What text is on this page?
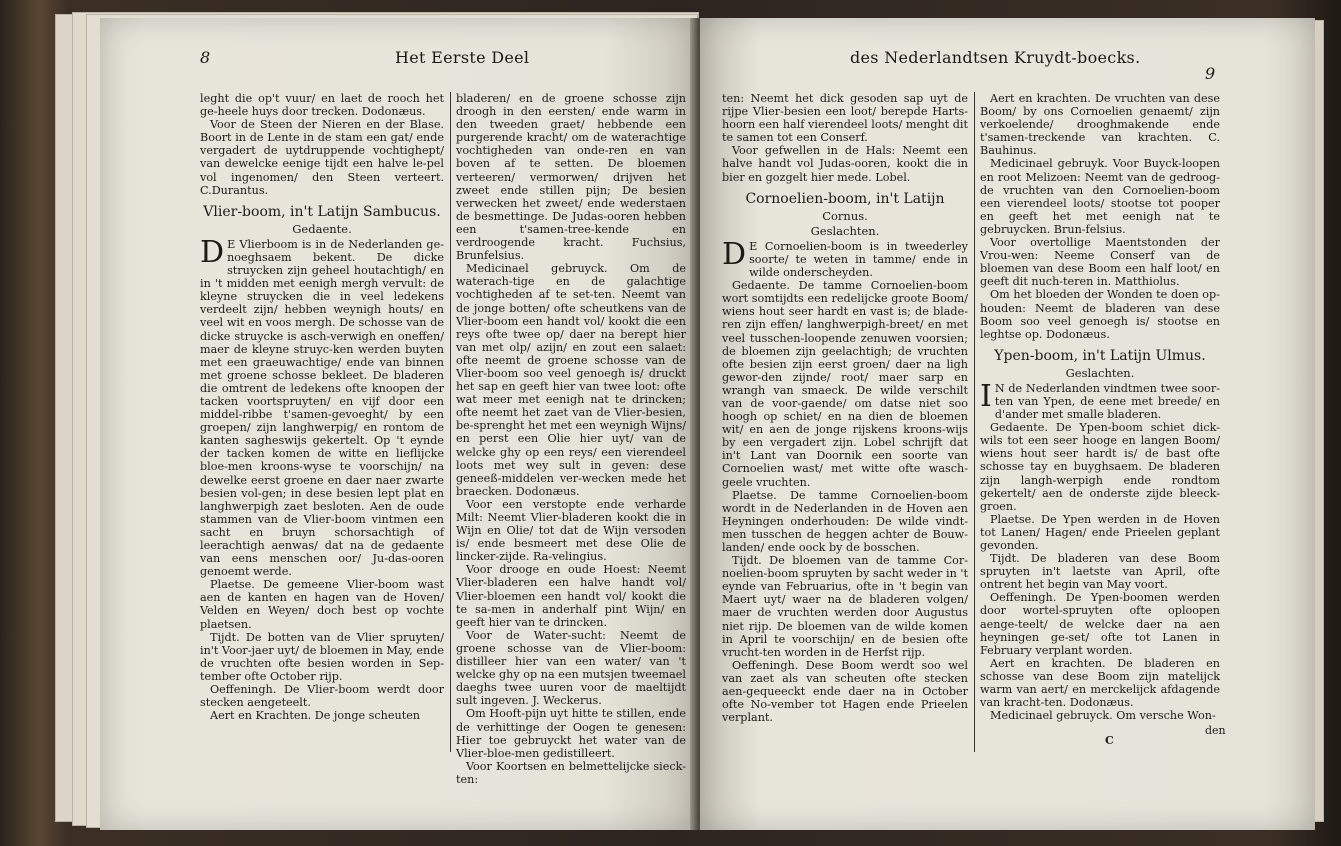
8	Het Eerste Deel

leght die op't vuur/ en laet de rooch het ge-heele huys door trecken. Dodonæus.

Voor de Steen der Nieren en der Blase. Boort in de Lente in de stam een gat/ ende vergadert de uytdruppende vochtighept/ van dewelcke eenige tijdt een halve le-pel vol ingenomen/ den Steen verteert. C.Durantus.

Vlier-boom, in't Latijn Sambucus.

Gedaente.

D E Vlierboom is in de Nederlanden ge-noeghsaem bekent. De dicke struycken zijn geheel houtachtigh/ en in 't midden met eenigh mergh vervult: de kleyne struycken die in veel ledekens verdeelt zijn/ hebben weynigh houts/ en veel wit en voos mergh. De schosse van de dicke struycke is asch-verwigh en oneffen/ maer de kleyne struyc-ken werden buyten met een graeuwachtige/ ende van binnen met groene schosse bekleet. De bladeren die omtrent de ledekens ofte knoopen der tacken voortspruyten/ en vijf door een middel-ribbe t'samen-gevoeght/ by een groepen/ zijn langhwerpig/ en rontom de kanten sagheswijs gekertelt. Op 't eynde der tacken komen de witte en lieflijcke bloe-men kroons-wyse te voorschijn/ na dewelke eerst groene en daer naer zwarte besien vol-gen; in dese besien lept plat en langhwerpigh zaet besloten. Aen de oude stammen van de Vlier-boom vintmen een sacht en bruyn schorsachtigh of leerachtigh aenwas/ dat na de gedaente van eens menschen oor/ Ju-das-ooren genoemt werde.

Plaetse. De gemeene Vlier-boom wast aen de kanten en hagen van de Hoven/ Velden en Weyen/ doch best op vochte plaetsen.

Tijdt. De botten van de Vlier spruyten/ in't Voor-jaer uyt/ de bloemen in May, ende de vruchten ofte besien worden in Sep-tember ofte October rijp.

Oeffeningh. De Vlier-boom werdt door stecken aengeteelt.

Aert en Krachten. De jonge scheuten

bladeren/ en de groene schosse zijn droogh in den eersten/ ende warm in den tweeden graet/ hebbende een purgerende kracht/ om de waterachtige vochtigheden van onde-ren en van boven af te setten. De bloemen verteeren/ vermorwen/ drijven het zweet ende stillen pijn; De besien verwecken het zweet/ ende wederstaen de besmettinge. De Judas-ooren hebben een t'samen-tree-kende en verdroogende kracht. Fuchsius, Brunfelsius.

Medicinael gebruyck. Om de waterach-tige en de galachtige vochtigheden af te set-ten. Neemt van de jonge botten/ ofte scheutkens van de Vlier-boom een handt vol/ kookt die een reys ofte twee op/ daer na berept hier van met olp/ azijn/ en zout een salaet: ofte neemt de groene schosse van de Vlier-boom soo veel genoegh is/ druckt het sap en geeft hier van twee loot: ofte wat meer met eenigh nat te drincken; ofte neemt het zaet van de Vlier-besien, be-sprenght het met een weynigh Wijns/ en perst een Olie hier uyt/ van de welcke ghy op een reys/ een vierendeel loots met wey sult in geven: dese geneeß-middelen ver-wecken mede het braecken. Dodonæus.

Voor een verstopte ende verharde Milt: Neemt Vlier-bladeren kookt die in Wijn en Olie/ tot dat de Wijn versoden is/ ende besmeert met dese Olie de lincker-zijde. Ra-velingius.

Voor drooge en oude Hoest: Neemt Vlier-bladeren een halve handt vol/ Vlier-bloemen een handt vol/ kookt die te sa-men in anderhalf pint Wijn/ en geeft hier van te drincken.

Voor de Water-sucht: Neemt de groene schosse van de Vlier-boom: distilleer hier van een water/ van 't welcke ghy op na een mutsjen tweemael daeghs twee uuren voor de maeltijdt sult ingeven. J. Weckerus.

Om Hooft-pijn uyt hitte te stillen, ende de verhittinge der Oogen te genesen: Hier toe gebruyckt het water van de Vlier-bloe-men gedistilleert.

Voor Koortsen en belmettelijcke sieck-ten:

des Nederlandtsen Kruydt-boecks.
9

ten: Neemt het dick gesoden sap uyt de rijpe Vlier-besien een loot/ berepde Harts-hoorn een half vierendeel loots/ menght dit te samen tot een Conserf.

Voor gefwellen in de Hals: Neemt een halve handt vol Judas-ooren, kookt die in bier en gozgelt hier mede. Lobel.

Cornoelien-boom, in't Latijn

Cornus.

Geslachten.

D E Cornoelien-boom is in tweederley soorte/ te weten in tamme/ ende in wilde onderscheyden.

Gedaente. De tamme Cornoelien-boom wort somtijdts een redelijcke groote Boom/ wiens hout seer hardt en vast is; de blade-ren zijn effen/ langhwerpigh-breet/ en met veel tusschen-loopende zenuwen voorsien; de bloemen zijn geelachtigh; de vruchten ofte besien zijn eerst groen/ daer na ligh gewor-den zijnde/ root/ maer sarp en wrangh van smaeck. De wilde verschilt van de voor-gaende/ om datse niet soo hoogh op schiet/ en na dien de bloemen wit/ en aen de jonge rijskens kroons-wijs by een vergadert zijn. Lobel schrijft dat in't Lant van Doornik een soorte van Cornoelien wast/ met witte ofte wasch-geele vruchten.

Plaetse. De tamme Cornoelien-boom wordt in de Nederlanden in de Hoven aen Heyningen onderhouden: De wilde vindt-men tusschen de heggen achter de Bouw-landen/ ende oock by de bosschen.

Tijdt. De bloemen van de tamme Cor-noelien-boom spruyten by sacht weder in 't eynde van Februarius, ofte in 't begin van Maert uyt/ waer na de bladeren volgen/ maer de vruchten werden door Augustus niet rijp. De bloemen van de wilde komen in April te voorschijn/ en de besien ofte vrucht-ten worden in de Herfst rijp.

Oeffeningh. Dese Boom werdt soo wel van zaet als van scheuten ofte stecken aen-gequeeckt ende daer na in October ofte No-vember tot Hagen ende Prieelen verplant.

Aert en krachten. De vruchten van dese Boom/ by ons Cornoelien genaemt/ zijn verkoelende/ drooghmakende ende t'samen-treckende van krachten. C. Bauhinus.

Medicinael gebruyk. Voor Buyck-loopen en root Melizoen: Neemt van de gedroog-de vruchten van den Cornoelien-boom een vierendeel loots/ stootse tot pooper en geeft het met eenigh nat te gebruycken. Brun-felsius.

Voor overtollige Maentstonden der Vrou-wen: Neeme Conserf van de bloemen van dese Boom een half loot/ en geeft dit nuch-teren in. Matthiolus.

Om het bloeden der Wonden te doen op-houden: Neemt de bladeren van dese Boom soo veel genoegh is/ stootse en leghtse op. Dodonæus.

Ypen-boom, in't Latijn Ulmus.

Geslachten.

I N de Nederlanden vindtmen twee soor-ten van Ypen, de eene met breede/ en d'ander met smalle bladeren.

Gedaente. De Ypen-boom schiet dick-wils tot een seer hooge en langen Boom/ wiens hout seer hardt is/ de bast ofte schosse tay en buyghsaem. De bladeren zijn langh-werpigh ende rondtom gekertelt/ aen de onderste zijde bleeck-groen.

Plaetse. De Ypen werden in de Hoven tot Lanen/ Hagen/ ende Prieelen geplant gevonden.

Tijdt. De bladeren van dese Boom spruyten in't laetste van April, ofte ontrent het begin van May voort.

Oeffeningh. De Ypen-boomen werden door wortel-spruyten ofte oploopen aenge-teelt/ de welcke daer na aen heyningen ge-set/ ofte tot Lanen in February verplant worden.

Aert en krachten. De bladeren en schosse van dese Boom zijn matelijck warm van aert/ en merckelijck afdagende van kracht-ten. Dodonæus.

Medicinael gebruyck. Om versche Won-

C
den
